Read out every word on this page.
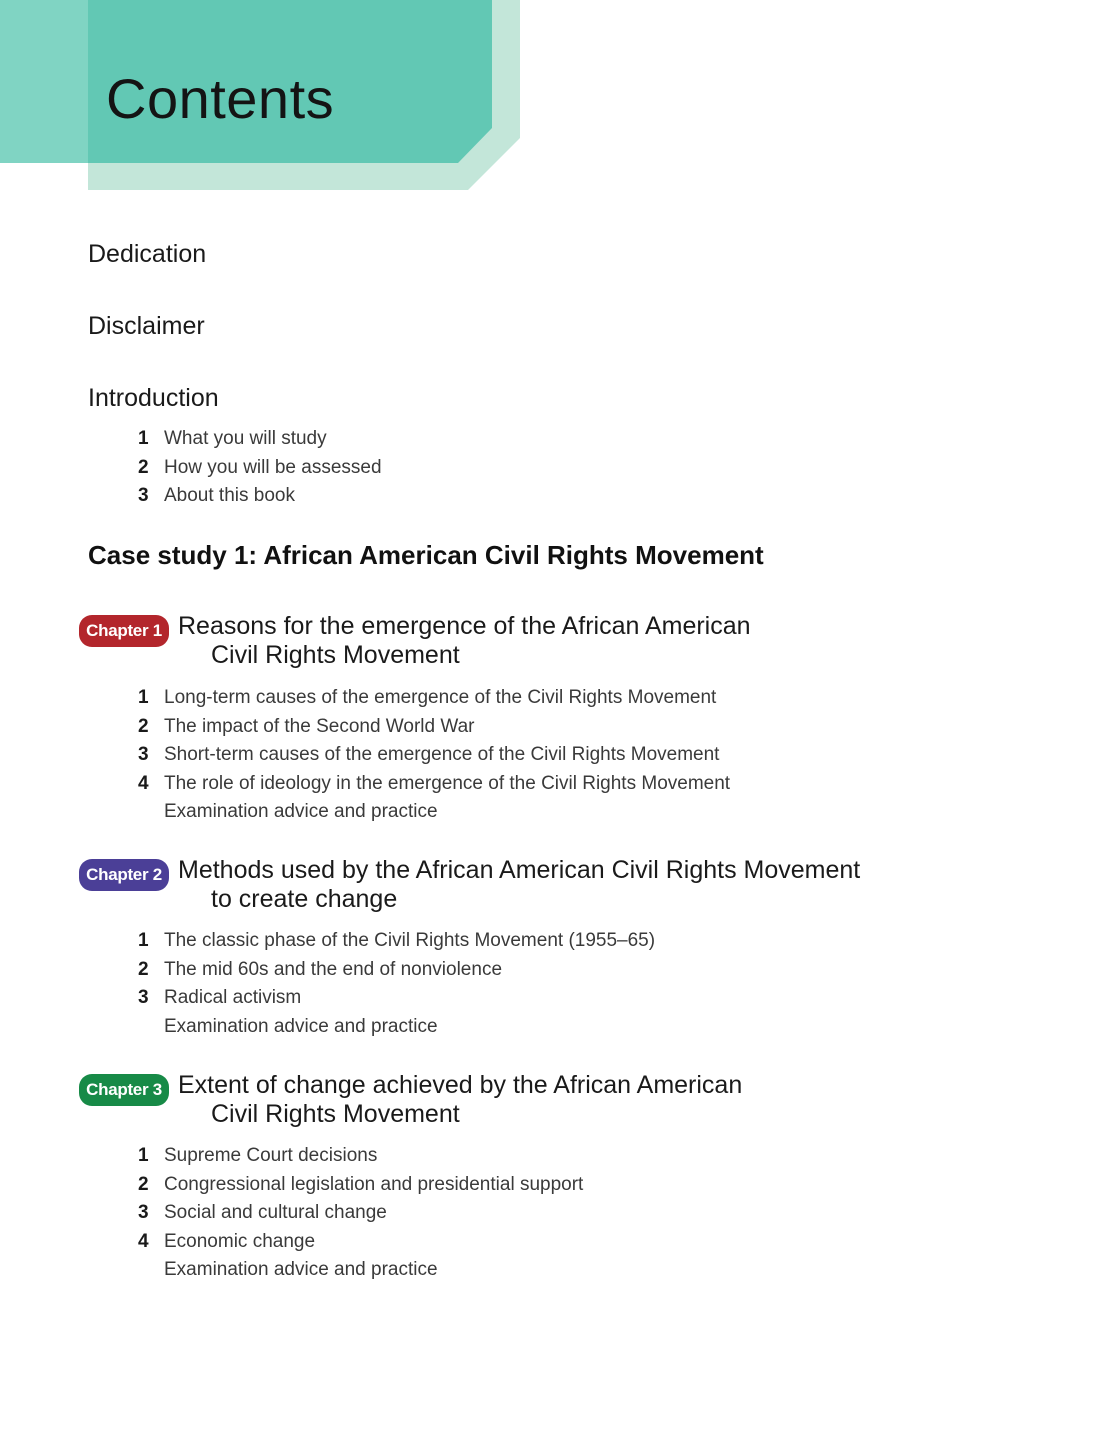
Contents
Dedication
Disclaimer
Introduction
1 What you will study
2 How you will be assessed
3 About this book
Case study 1: African American Civil Rights Movement
Chapter 1 Reasons for the emergence of the African American
Civil Rights Movement
1 Long-term causes of the emergence of the Civil Rights Movement
2 The impact of the Second World War
3 Short-term causes of the emergence of the Civil Rights Movement
4 The role of ideology in the emergence of the Civil Rights Movement
Examination advice and practice
Chapter 2 Methods used by the African American Civil Rights Movement
to create change
1 The classic phase of the Civil Rights Movement (1955–65)
2 The mid 60s and the end of nonviolence
3 Radical activism
Examination advice and practice
Chapter 3 Extent of change achieved by the African American
Civil Rights Movement
1 Supreme Court decisions
2 Congressional legislation and presidential support
3 Social and cultural change
4 Economic change
Examination advice and practice
